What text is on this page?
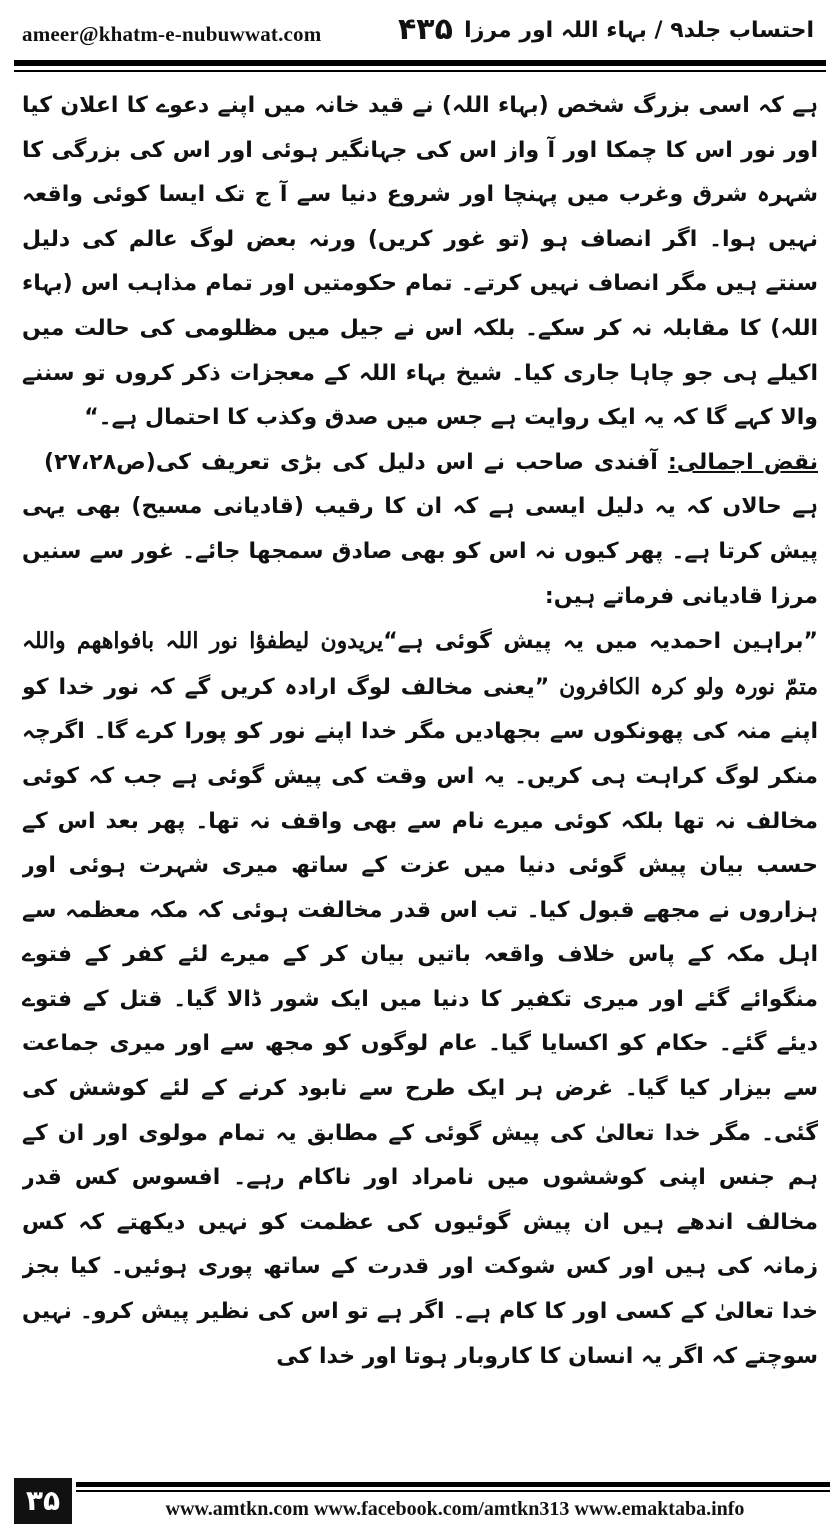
ameer@khatm-e-nubuwwat.com	۴۳۵ احتساب جلد۹ / بہاء اللہ اور مرزا

ہے کہ اسی بزرگ شخص (بہاء اللہ) نے قید خانہ میں اپنے دعوے کا اعلان کیا اور نور اس کا چمکا اور آ واز اس کی جہانگیر ہوئی اور اس کی بزرگی کا شہرہ شرق وغرب میں پہنچا اور شروع دنیا سے آ ج تک ایسا کوئی واقعہ نہیں ہوا۔ اگر انصاف ہو (تو غور کریں) ورنہ بعض لوگ عالم کی دلیل سنتے ہیں مگر انصاف نہیں کرتے۔ تمام حکومتیں اور تمام مذاہب اس (بہاء اللہ) کا مقابلہ نہ کر سکے۔ بلکہ اس نے جیل میں مظلومی کی حالت میں اکیلے ہی جو چاہا جاری کیا۔ شیخ بہاء اللہ کے معجزات ذکر کروں تو سننے والا کہے گا کہ یہ ایک روایت ہے جس میں صدق وکذب کا احتمال ہے۔“
(ص۲۷،۲۸)	نقض اجمالی: آفندی صاحب نے اس دلیل کی بڑی تعریف کی ہے حالاں کہ یہ دلیل ایسی ہے کہ ان کا رقیب (قادیانی مسیح) بھی یہی پیش کرتا ہے۔ پھر کیوں نہ اس کو بھی صادق سمجھا جائے۔ غور سے سنیں مرزا قادیانی فرماتے ہیں:

”براہین احمدیہ میں یہ پیش گوئی ہے“یریدون لیطفؤا نور اللہ بافواھھم واللہ متمّ نورہ ولو کرہ الکافرون ”یعنی مخالف لوگ ارادہ کریں گے کہ نور خدا کو اپنے منہ کی پھونکوں سے بجھادیں مگر خدا اپنے نور کو پورا کرے گا۔ اگرچہ منکر لوگ کراہت ہی کریں۔ یہ اس وقت کی پیش گوئی ہے جب کہ کوئی مخالف نہ تھا بلکہ کوئی میرے نام سے بھی واقف نہ تھا۔ پھر بعد اس کے حسب بیان پیش گوئی دنیا میں عزت کے ساتھ میری شہرت ہوئی اور ہزاروں نے مجھے قبول کیا۔ تب اس قدر مخالفت ہوئی کہ مکہ معظمہ سے اہل مکہ کے پاس خلاف واقعہ باتیں بیان کر کے میرے لئے کفر کے فتوے منگوائے گئے اور میری تکفیر کا دنیا میں ایک شور ڈالا گیا۔ قتل کے فتوے دیئے گئے۔ حکام کو اکسایا گیا۔ عام لوگوں کو مجھ سے اور میری جماعت سے بیزار کیا گیا۔ غرض ہر ایک طرح سے نابود کرنے کے لئے کوشش کی گئی۔ مگر خدا تعالیٰ کی پیش گوئی کے مطابق یہ تمام مولوی اور ان کے ہم جنس اپنی کوششوں میں نامراد اور ناکام رہے۔ افسوس کس قدر مخالف اندھے ہیں ان پیش گوئیوں کی عظمت کو نہیں دیکھتے کہ کس زمانہ کی ہیں اور کس شوکت اور قدرت کے ساتھ پوری ہوئیں۔ کیا بجز خدا تعالیٰ کے کسی اور کا کام ہے۔ اگر ہے تو اس کی نظیر پیش کرو۔ نہیں سوچتے کہ اگر یہ انسان کا کاروبار ہوتا اور خدا کی

۳۵	www.amtkn.com www.facebook.com/amtkn313 www.emaktaba.info
